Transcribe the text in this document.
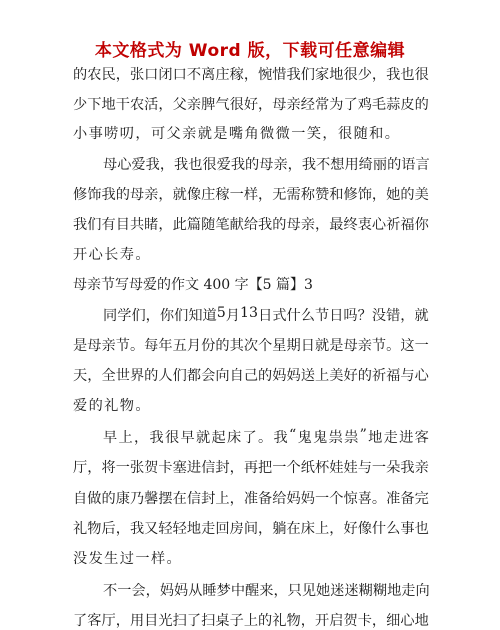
本文格式为 Word 版，下载可任意编辑
的 农 民 ， 张 口 闭 口 不 离 庄 稼 ， 惋 惜 我 们 家 地 很 少 ， 我 也 很
少 下 地 干 农 活 ， 父 亲 脾 气 很 好 ， 母 亲 经 常 为 了 鸡 毛 蒜 皮 的
小事唠叨，可父亲就是嘴角微微一笑，很随和。
母 心 爱 我 ， 我 也 很 爱 我 的 母 亲 ， 我 不 想 用 绮 丽 的 语 言
修 饰 我 的 母 亲 ， 就 像 庄 稼 一 样 ， 无 需 称 赞 和 修 饰 ， 她 的 美
我 们 有 目 共 睹 ， 此 篇 随 笔 献 给 我 的 母 亲 ， 最 终 衷 心 祈 福 你
开心长寿。
同 学 们 ， 你 们 知 道 5 月 13 日 式 什 么 节 日 吗 ？ 没 错 ， 就
是 母 亲 节 。 每 年 五 月 份 的 其 次 个 星 期 日 就 是 母 亲 节 。 这 一
天 ， 全 世 界 的 人 们 都 会 向 自 己 的 妈 妈 送 上 美 好 的 祈 福 与 心
爱的礼物。
早 上 ， 我 很 早 就 起 床 了 。 我 “ 鬼 鬼 祟 祟 ” 地 走 进 客
厅 ， 将 一 张 贺 卡 塞 进 信 封 ， 再 把 一 个 纸 杯 娃 娃 与 一 朵 我 亲
自 做 的 康 乃 馨 摆 在 信 封 上 ， 准 备 给 妈 妈 一 个 惊 喜 。 准 备 完
礼 物 后 ， 我 又 轻 轻 地 走 回 房 间 ， 躺 在 床 上 ， 好 像 什 么 事 也
没发生过一样。
不 一 会 ， 妈 妈 从 睡 梦 中 醒 来 ， 只 见 她 迷 迷 糊 糊 地 走 向
了 客 厅 ， 用 目 光 扫 了 扫 桌 子 上 的 礼 物 ， 开 启 贺 卡 ， 细 心 地
母亲节写母爱的作文 400 字【5 篇】3
